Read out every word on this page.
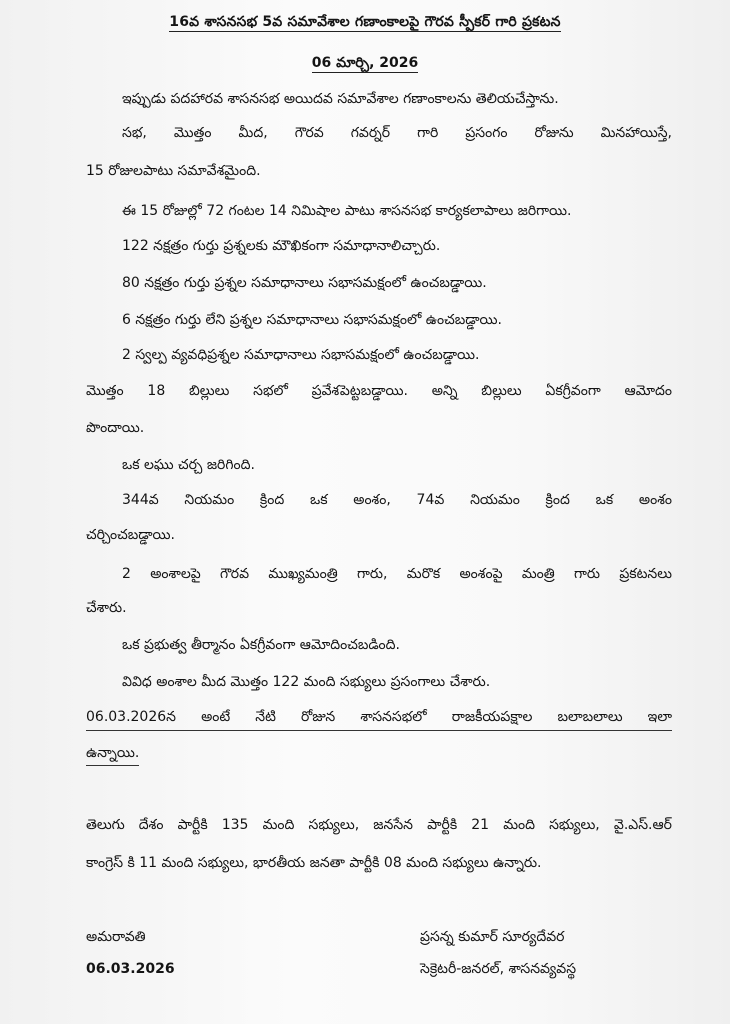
16వ శాసనసభ 5వ సమావేశాల గణాంకాలపై గౌరవ స్పీకర్ గారి ప్రకటన
06 మార్చి, 2026
ఇప్పుడు పదహారవ శాసనసభ అయిదవ సమావేశాల గణాంకాలను తెలియచేస్తాను.
సభ, మొత్తం మీద, గౌరవ గవర్నర్ గారి ప్రసంగం రోజును మినహాయిస్తే,
15 రోజులపాటు సమావేశమైంది.
ఈ 15 రోజుల్లో 72 గంటల 14 నిమిషాల పాటు శాసనసభ కార్యకలాపాలు జరిగాయి.
122 నక్షత్రం గుర్తు ప్రశ్నలకు మౌఖికంగా సమాధానాలిచ్చారు.
80 నక్షత్రం గుర్తు ప్రశ్నల సమాధానాలు సభాసమక్షంలో ఉంచబడ్డాయి.
6 నక్షత్రం గుర్తు లేని ప్రశ్నల సమాధానాలు సభాసమక్షంలో ఉంచబడ్డాయి.
2 స్వల్ప వ్యవధిప్రశ్నల సమాధానాలు సభాసమక్షంలో ఉంచబడ్డాయి.
మొత్తం 18 బిల్లులు సభలో ప్రవేశపెట్టబడ్డాయి. అన్ని బిల్లులు ఏకగ్రీవంగా ఆమోదం
పొందాయి.
ఒక లఘు చర్చ జరిగింది.
344వ నియమం క్రింద ఒక అంశం, 74వ నియమం క్రింద ఒక అంశం
చర్చించబడ్డాయి.
2 అంశాలపై గౌరవ ముఖ్యమంత్రి గారు, మరొక అంశంపై మంత్రి గారు ప్రకటనలు
చేశారు.
ఒక ప్రభుత్వ తీర్మానం ఏకగ్రీవంగా ఆమోదించబడింది.
వివిధ అంశాల మీద మొత్తం 122 మంది సభ్యులు ప్రసంగాలు చేశారు.
06.03.2026న అంటే నేటి రోజున శాసనసభలో రాజకీయపక్షాల బలాబలాలు ఇలా
ఉన్నాయి.
తెలుగు దేశం పార్టీకి 135 మంది సభ్యులు, జనసేన పార్టీకి 21 మంది సభ్యులు, వై.ఎస్.ఆర్
కాంగ్రెస్ కి 11 మంది సభ్యులు, భారతీయ జనతా పార్టీకి 08 మంది సభ్యులు ఉన్నారు.
అమరావతి
06.03.2026
ప్రసన్న కుమార్ సూర్యదేవర
సెక్రెటరీ-జనరల్, శాసనవ్యవస్థ
